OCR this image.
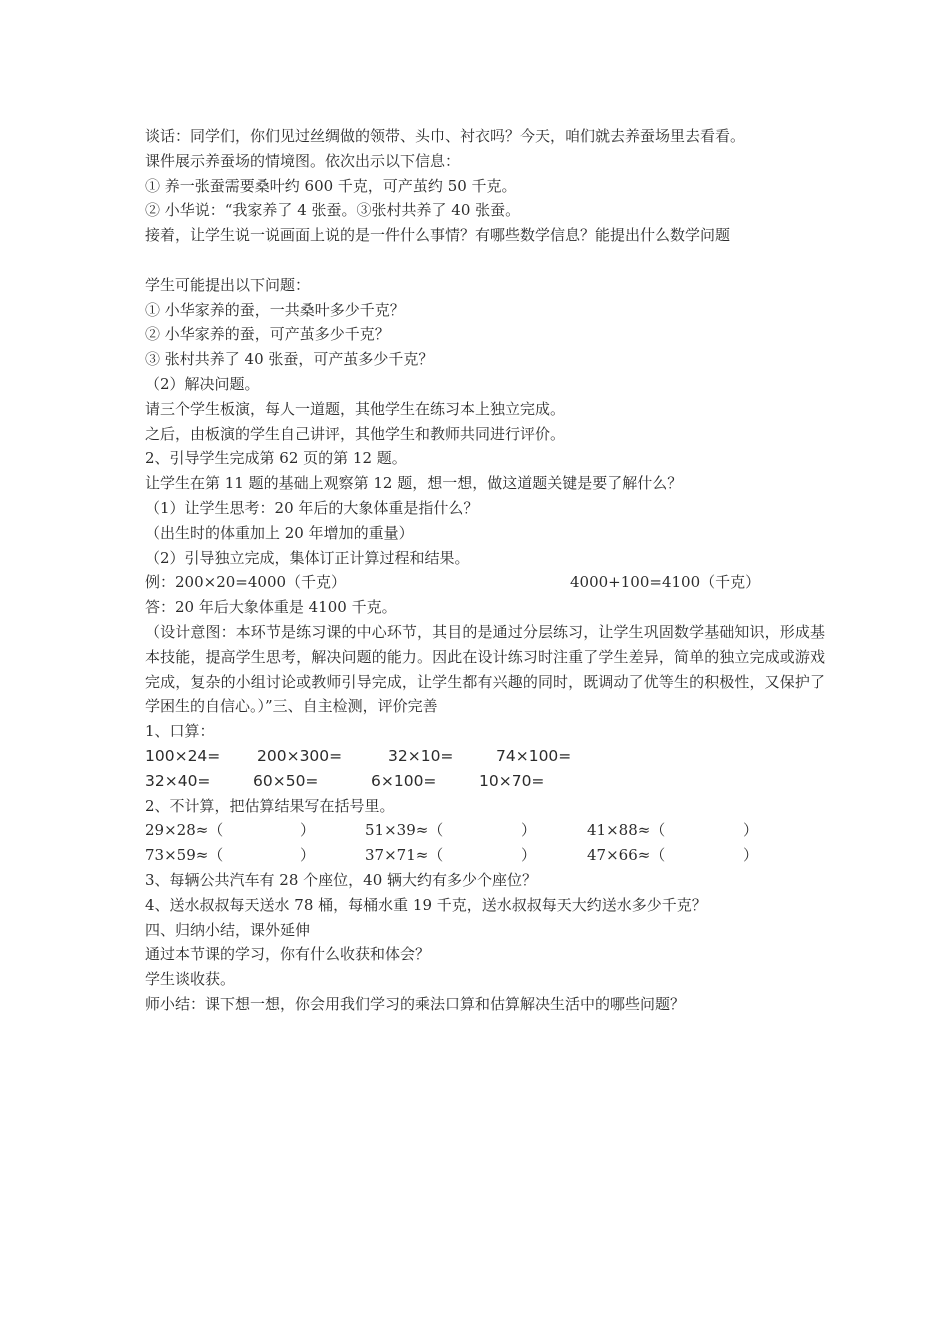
谈话：同学们，你们见过丝绸做的领带、头巾、衬衣吗？今天，咱们就去养蚕场里去看看。
课件展示养蚕场的情境图。依次出示以下信息：
① 养一张蚕需要桑叶约 600 千克，可产茧约 50 千克。
② 小华说：“我家养了 4 张蚕。③张村共养了 40 张蚕。
接着，让学生说一说画面上说的是一件什么事情？有哪些数学信息？能提出什么数学问题
学生可能提出以下问题：
① 小华家养的蚕，一共桑叶多少千克？
② 小华家养的蚕，可产茧多少千克？
③ 张村共养了 40 张蚕，可产茧多少千克？
（2）解决问题。
请三个学生板演，每人一道题，其他学生在练习本上独立完成。
之后，由板演的学生自己讲评，其他学生和教师共同进行评价。
2、引导学生完成第 62 页的第 12 题。
让学生在第 11 题的基础上观察第 12 题，想一想，做这道题关键是要了解什么？
（1）让学生思考：20 年后的大象体重是指什么？
（出生时的体重加上 20 年增加的重量）
（2）引导独立完成，集体订正计算过程和结果。
例：200×20=4000（千克）	4000+100=4100（千克）
答：20 年后大象体重是 4100 千克。
（设计意图：本环节是练习课的中心环节，其目的是通过分层练习，让学生巩固数学基础知识，形成基本技能，提高学生思考，解决问题的能力。因此在设计练习时注重了学生差异，简单的独立完成或游戏完成，复杂的小组讨论或教师引导完成，让学生都有兴趣的同时，既调动了优等生的积极性，又保护了学困生的自信心。）”三、自主检测，评价完善
1、口算：
100×24= 200×300=	32×10=	74×100=
32×40=	60×50=	6×100=	10×70=
2、不计算，把估算结果写在括号里。
29×28≈（	）	51×39≈（	）	41×88≈（	）
73×59≈（	）	37×71≈（	）	47×66≈（	）
3、每辆公共汽车有 28 个座位，40 辆大约有多少个座位？
4、送水叔叔每天送水 78 桶，每桶水重 19 千克，送水叔叔每天大约送水多少千克？
四、归纳小结，课外延伸
通过本节课的学习，你有什么收获和体会？
学生谈收获。
师小结：课下想一想，你会用我们学习的乘法口算和估算解决生活中的哪些问题？
